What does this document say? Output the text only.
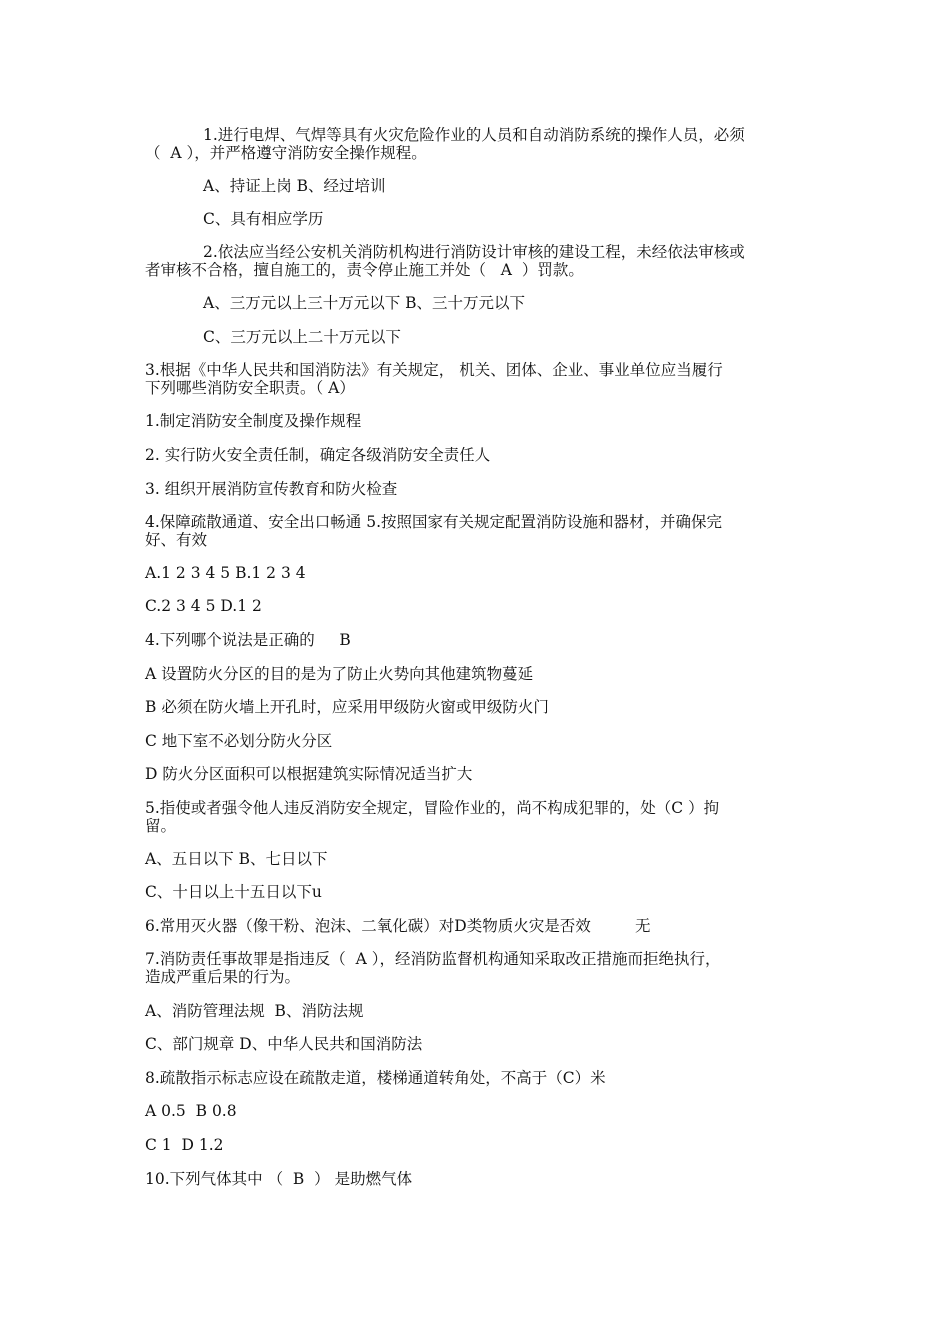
1.进行电焊、气焊等具有火灾危险作业的人员和自动消防系统的操作人员，必须
（  A ），并严格遵守消防安全操作规程。
A、持证上岗 B、经过培训
C、具有相应学历
2.依法应当经公安机关消防机构进行消防设计审核的建设工程，未经依法审核或
者审核不合格，擅自施工的，责令停止施工并处（   A  ）罚款。
A、三万元以上三十万元以下 B、三十万元以下
C、三万元以上二十万元以下
3.根据《中华人民共和国消防法》有关规定， 机关、团体、企业、事业单位应当履行
下列哪些消防安全职责。（ A）
1.制定消防安全制度及操作规程
2. 实行防火安全责任制，确定各级消防安全责任人
3. 组织开展消防宣传教育和防火检查
4.保障疏散通道、安全出口畅通 5.按照国家有关规定配置消防设施和器材，并确保完
好、有效
A.1 2 3 4 5 B.1 2 3 4
C.2 3 4 5 D.1 2
4.下列哪个说法是正确的     B
A 设置防火分区的目的是为了防止火势向其他建筑物蔓延
B 必须在防火墙上开孔时，应采用甲级防火窗或甲级防火门
C 地下室不必划分防火分区
D 防火分区面积可以根据建筑实际情况适当扩大
5.指使或者强令他人违反消防安全规定，冒险作业的，尚不构成犯罪的，处（C ）拘
留。
A、五日以下 B、七日以下
C、十日以上十五日以下u
6.常用灭火器（像干粉、泡沫、二氧化碳）对D类物质火灾是否效         无
7.消防责任事故罪是指违反（  A ），经消防监督机构通知采取改正措施而拒绝执行，
造成严重后果的行为。
A、消防管理法规  B、消防法规
C、部门规章 D、中华人民共和国消防法
8.疏散指示标志应设在疏散走道，楼梯通道转角处，不高于（C）米
A 0.5  B 0.8
C 1  D 1.2
10.下列气体其中 （  B  ） 是助燃气体
